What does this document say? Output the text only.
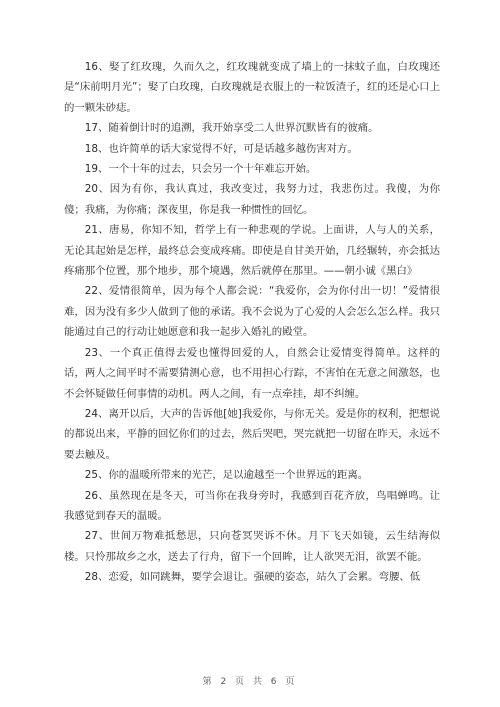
16、娶了红玫瑰，久而久之，红玫瑰就变成了墙上的一抹蚊子血，白玫瑰还是“床前明月光”；娶了白玫瑰，白玫瑰就是衣服上的一粒饭渣子，红的还是心口上的一颗朱砂痣。

17、随着倒计时的追溯，我开始享受二人世界沉默皆有的彼痛。

18、也许简单的话大家觉得不好，可是话越多越伤害对方。

19、一个十年的过去，只会另一个十年难忘开始。

20、因为有你，我认真过，我改变过，我努力过，我悲伤过。我傻，为你傻；我痛，为你痛；深夜里，你是我一种惯性的回忆。

21、唐易，你知不知，哲学上有一种悲观的学说。上面讲，人与人的关系，无论其起始是怎样，最终总会变成疼痛。即使是自甘美开始，几经辗转，亦会抵达疼痛那个位置，那个地步，那个境遇，然后就停在那里。——朝小诚《黑白》

22、爱情很简单，因为每个人都会说：“我爱你，会为你付出一切！”爱情很难，因为没有多少人做到了他的承诺。我不会说为了心爱的人会怎么怎么样。我只能通过自己的行动让她愿意和我一起步入婚礼的殿堂。

23、一个真正值得去爱也懂得回爱的人，自然会让爱情变得简单。这样的话，两人之间平时不需要猜测心意，也不用担心行踪，不害怕在无意之间激怒，也不会怀疑做任何事情的动机。两人之间，有一点牵挂，却不纠缠。

24、离开以后，大声的告诉他[她]我爱你，与你无关。爱是你的权利，把想说的都说出来，平静的回忆你们的过去，然后哭吧，哭完就把一切留在昨天，永远不要去触及。

25、你的温暖所带来的光芒，足以逾越至一个世界远的距离。

26、虽然现在是冬天，可当你在我身旁时，我感到百花齐放，鸟唱蝉鸣。让我感觉到春天的温暖。

27、世间万物难抵愁思，只向苍冥哭诉不休。月下飞天如镜，云生结海似楼。只怜那故乡之水，送去了行舟，留下一个回眸，让人欲哭无泪，欲罢不能。

28、恋爱，如同跳舞，要学会退让。强硬的姿态，站久了会累。弯腰、低

第 2 页 共 6 页
